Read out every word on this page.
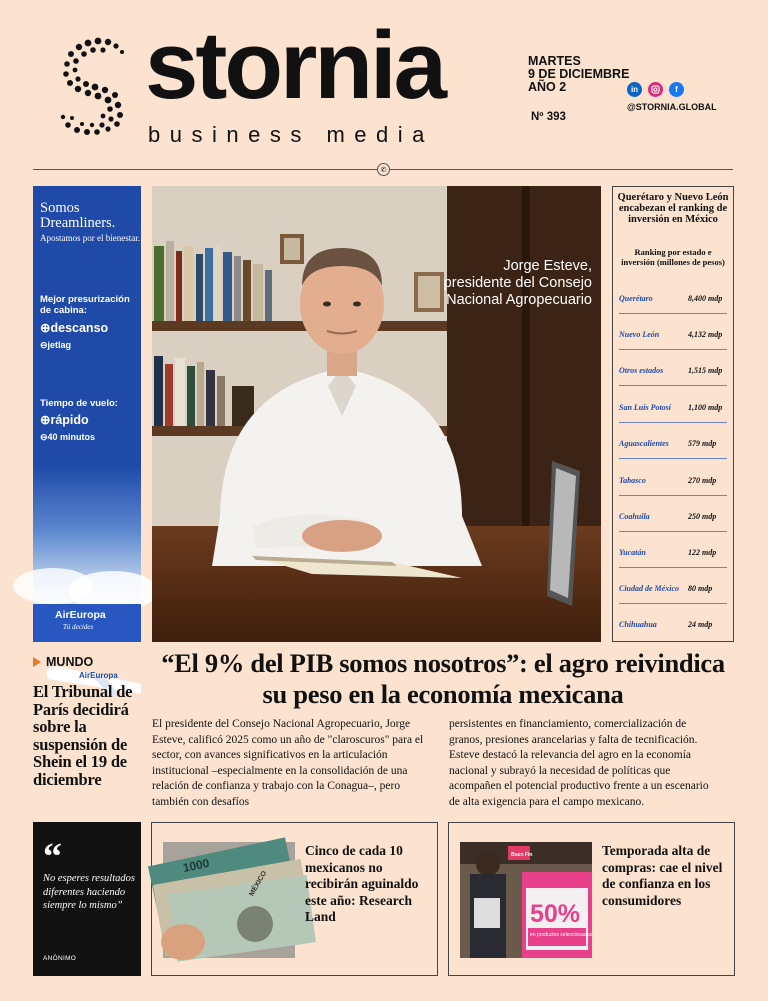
stornia
business media
MARTES
9 DE DICIEMBRE
AÑO 2
Nº 393
in	f
@STORNIA.GLOBAL
✆
Somos Dreamliners.
Apostamos por el bienestar.
Mejor presurización de cabina:
⊕descanso
⊖jetlag
Tiempo de vuelo:
⊕rápido
⊖40 minutos
AirEuropa
AirEuropa
Tú decides
Jorge Esteve, presidente del Consejo Nacional Agropecuario
Querétaro y Nuevo León encabezan el ranking de inversión en México
Ranking por estado e inversión (millones de pesos)
Querétaro	8,400 mdp
Nuevo León	4,132 mdp
Otros estados	1,515 mdp
San Luis Potosí 1,100 mdp
Aguascalientes 579 mdp
Tabasco	270 mdp
Coahuila	250 mdp
Yucatán	122 mdp
Ciudad de México 80 mdp
Chihuahua	24 mdp
MUNDO
El Tribunal de París decidirá sobre la suspensión de Shein el 19 de diciembre
“El 9% del PIB somos nosotros”: el agro reivindica su peso en la economía mexicana
El presidente del Consejo Nacional Agropecuario, Jorge Esteve, calificó 2025 como un año de "claroscuros" para el sector, con avances significativos en la articulación institucional –especialmente en la consolidación de una relación de confianza y trabajo con la Conagua–, pero también con desafíos
persistentes en financiamiento, comercialización de granos, presiones arancelarias y falta de tecnificación. Esteve destacó la relevancia del agro en la economía nacional y subrayó la necesidad de políticas que acompañen el potencial productivo frente a un escenario de alta exigencia para el campo mexicano.
“
No esperes resultados diferentes haciendo siempre lo mismo”
ANÓNIMO
1000
MÉXICO
Cinco de cada 10 mexicanos no recibirán aguinaldo este año: Research Land
Buen Fin
50%
en productos seleccionados
Temporada alta de compras: cae el nivel de confianza en los consumidores
